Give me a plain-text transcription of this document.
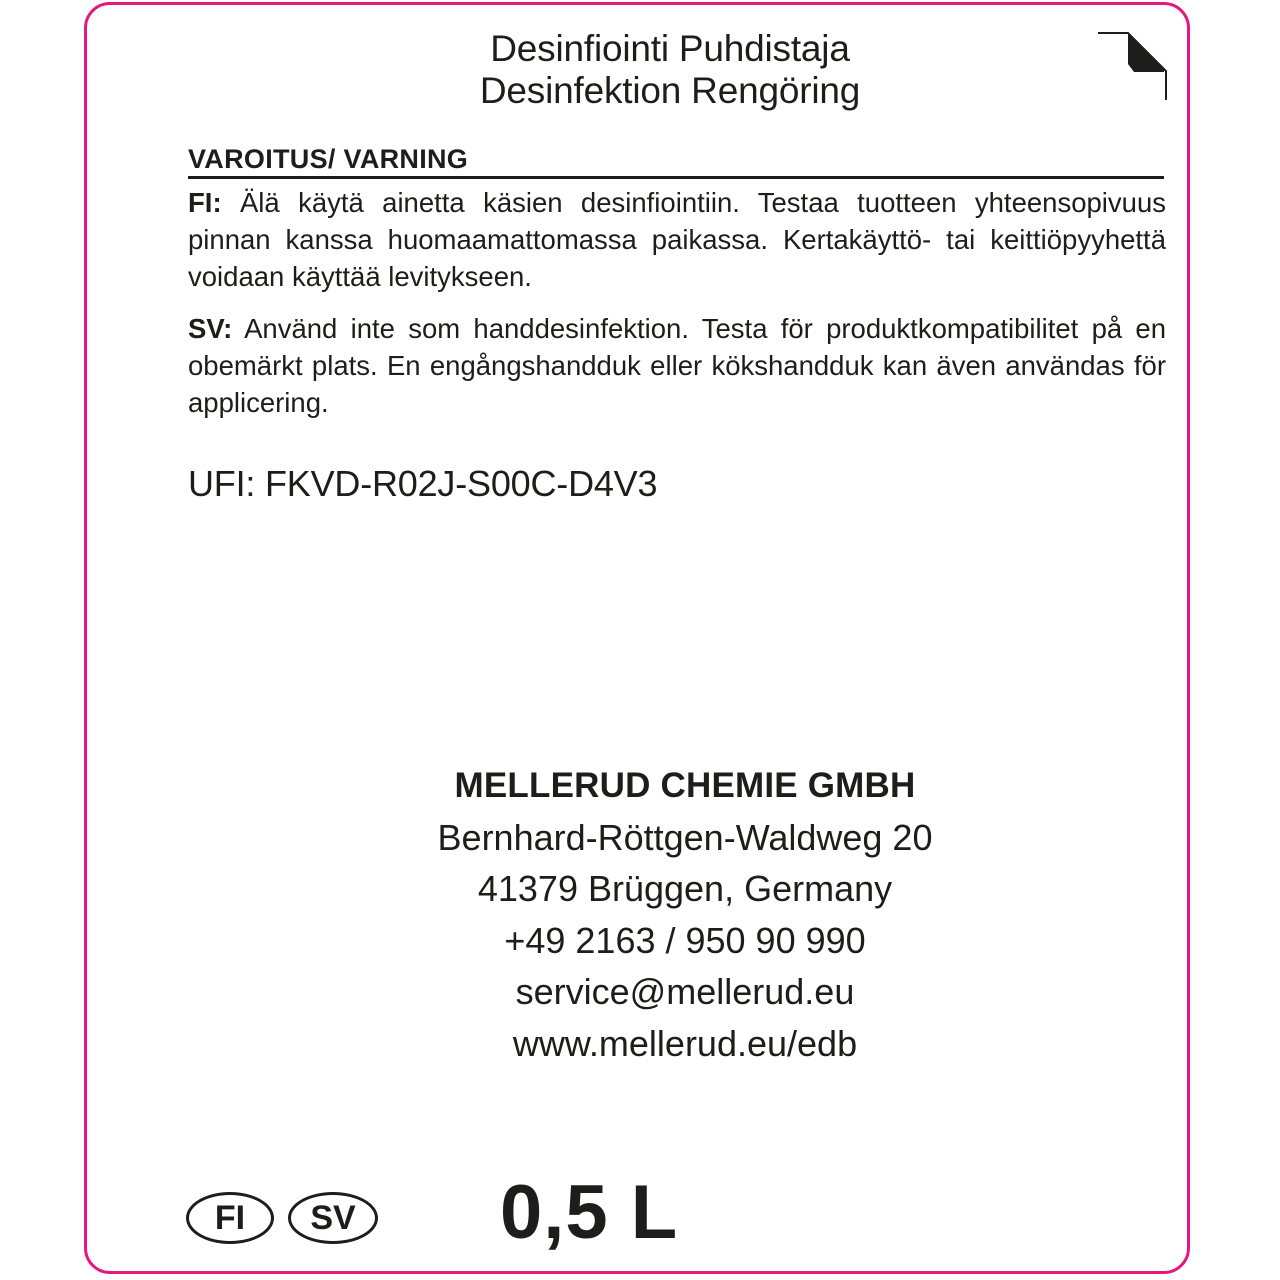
Desinfiointi Puhdistaja
Desinfektion Rengöring
VAROITUS/ VARNING

FI: Älä käytä ainetta käsien desinfiointiin. Testaa tuotteen yhteensopivuus pinnan kanssa huomaamattomassa paikassa. Kertakäyttö- tai keittiöpyyhettä voidaan käyttää levitykseen.

SV: Använd inte som handdesinfektion. Testa för produktkompatibilitet på en obemärkt plats. En engångshandduk eller kökshandduk kan även användas för applicering.

UFI: FKVD-R02J-S00C-D4V3
MELLERUD CHEMIE GMBH
Bernhard-Röttgen-Waldweg 20
41379 Brüggen, Germany
+49 2163 / 950 90 990
service@mellerud.eu
www.mellerud.eu/edb
FI	SV 0,5 L
